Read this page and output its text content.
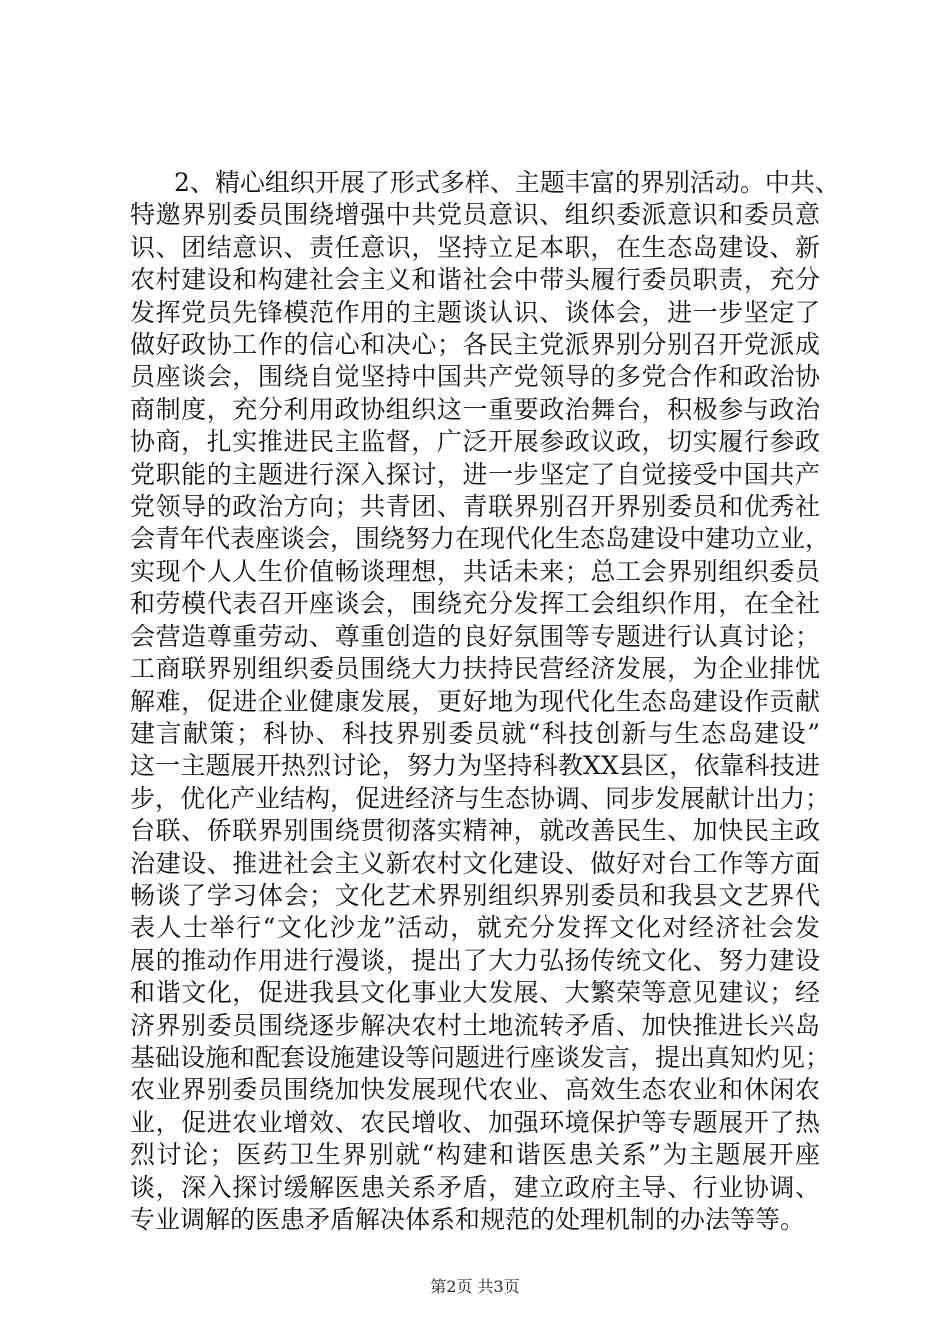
2、精心组织开展了形式多样、主题丰富的界别活动。中共、
特邀界别委员围绕增强中共党员意识、组织委派意识和委员意
识、团结意识、责任意识，坚持立足本职，在生态岛建设、新
农村建设和构建社会主义和谐社会中带头履行委员职责，充分
发挥党员先锋模范作用的主题谈认识、谈体会，进一步坚定了
做好政协工作的信心和决心；各民主党派界别分别召开党派成
员座谈会，围绕自觉坚持中国共产党领导的多党合作和政治协
商制度，充分利用政协组织这一重要政治舞台，积极参与政治
协商，扎实推进民主监督，广泛开展参政议政，切实履行参政
党职能的主题进行深入探讨，进一步坚定了自觉接受中国共产
党领导的政治方向；共青团、青联界别召开界别委员和优秀社
会青年代表座谈会，围绕努力在现代化生态岛建设中建功立业，
实现个人人生价值畅谈理想，共话未来；总工会界别组织委员
和劳模代表召开座谈会，围绕充分发挥工会组织作用，在全社
会营造尊重劳动、尊重创造的良好氛围等专题进行认真讨论；
工商联界别组织委员围绕大力扶持民营经济发展，为企业排忧
解难，促进企业健康发展，更好地为现代化生态岛建设作贡献
建言献策；科协、科技界别委员就“科技创新与生态岛建设”
这一主题展开热烈讨论，努力为坚持科教XX县区，依靠科技进
步，优化产业结构，促进经济与生态协调、同步发展献计出力；
台联、侨联界别围绕贯彻落实精神，就改善民生、加快民主政
治建设、推进社会主义新农村文化建设、做好对台工作等方面
畅谈了学习体会；文化艺术界别组织界别委员和我县文艺界代
表人士举行“文化沙龙”活动，就充分发挥文化对经济社会发
展的推动作用进行漫谈，提出了大力弘扬传统文化、努力建设
和谐文化，促进我县文化事业大发展、大繁荣等意见建议；经
济界别委员围绕逐步解决农村土地流转矛盾、加快推进长兴岛
基础设施和配套设施建设等问题进行座谈发言，提出真知灼见；
农业界别委员围绕加快发展现代农业、高效生态农业和休闲农
业，促进农业增效、农民增收、加强环境保护等专题展开了热
烈讨论；医药卫生界别就“构建和谐医患关系”为主题展开座
谈，深入探讨缓解医患关系矛盾，建立政府主导、行业协调、
专业调解的医患矛盾解决体系和规范的处理机制的办法等等。
第2页 共3页
